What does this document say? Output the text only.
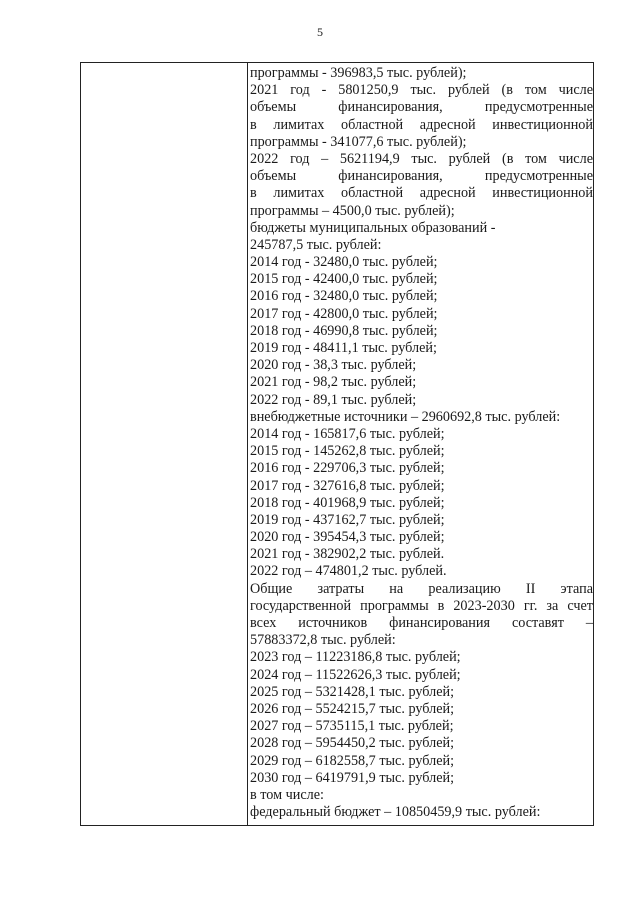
5
программы - 396983,5 тыс. рублей);
2021 год - 5801250,9 тыс. рублей (в том числе
объемы финансирования, предусмотренные
в лимитах областной адресной инвестиционной
программы - 341077,6 тыс. рублей);
2022 год – 5621194,9 тыс. рублей (в том числе
объемы финансирования, предусмотренные
в лимитах областной адресной инвестиционной
программы – 4500,0 тыс. рублей);
бюджеты муниципальных образований -
245787,5 тыс. рублей:
2014 год - 32480,0 тыс. рублей;
2015 год - 42400,0 тыс. рублей;
2016 год - 32480,0 тыс. рублей;
2017 год - 42800,0 тыс. рублей;
2018 год - 46990,8 тыс. рублей;
2019 год - 48411,1 тыс. рублей;
2020 год - 38,3 тыс. рублей;
2021 год - 98,2 тыс. рублей;
2022 год - 89,1 тыс. рублей;
внебюджетные источники – 2960692,8 тыс. рублей:
2014 год - 165817,6 тыс. рублей;
2015 год - 145262,8 тыс. рублей;
2016 год - 229706,3 тыс. рублей;
2017 год - 327616,8 тыс. рублей;
2018 год - 401968,9 тыс. рублей;
2019 год - 437162,7 тыс. рублей;
2020 год - 395454,3 тыс. рублей;
2021 год - 382902,2 тыс. рублей.
2022 год – 474801,2 тыс. рублей.
Общие затраты на реализацию II этапа
государственной программы в 2023-2030 гг. за счет
всех источников финансирования составят –
57883372,8 тыс. рублей:
2023 год – 11223186,8 тыс. рублей;
2024 год – 11522626,3 тыс. рублей;
2025 год – 5321428,1 тыс. рублей;
2026 год – 5524215,7 тыс. рублей;
2027 год – 5735115,1 тыс. рублей;
2028 год – 5954450,2 тыс. рублей;
2029 год – 6182558,7 тыс. рублей;
2030 год – 6419791,9 тыс. рублей;
в том числе:
федеральный бюджет – 10850459,9 тыс. рублей:
